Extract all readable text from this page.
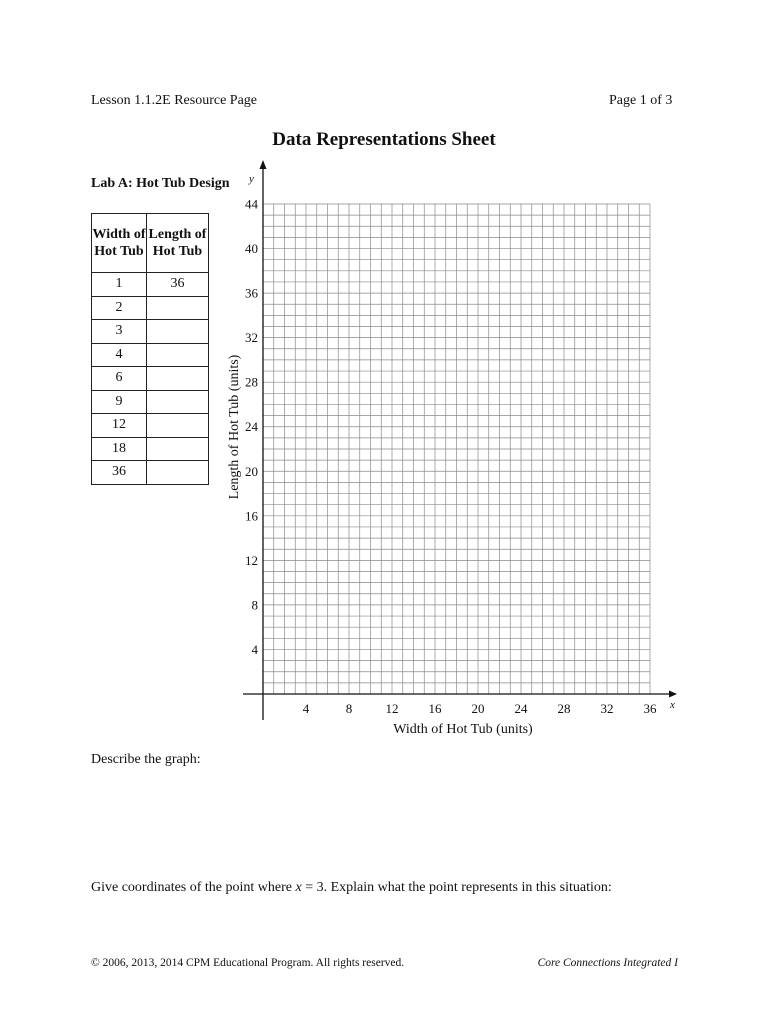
Lesson 1.1.2E Resource Page	Page 1 of 3
Data Representations Sheet
Lab A: Hot Tub Design
Width of Hot Tub	Length of Hot Tub
1	36
2	
3	
4	
6	
9	
12	
18	
36	
4	8	12 16 20 24 28 32 36
4
8
12
16
20
24
28
32
36
40
44
Width of Hot Tub (units)
Length of Hot Tub (units)
x
y
Describe the graph:
Give coordinates of the point where x = 3. Explain what the point represents in this situation:
© 2006, 2013, 2014 CPM Educational Program. All rights reserved.	Core Connections Integrated I
